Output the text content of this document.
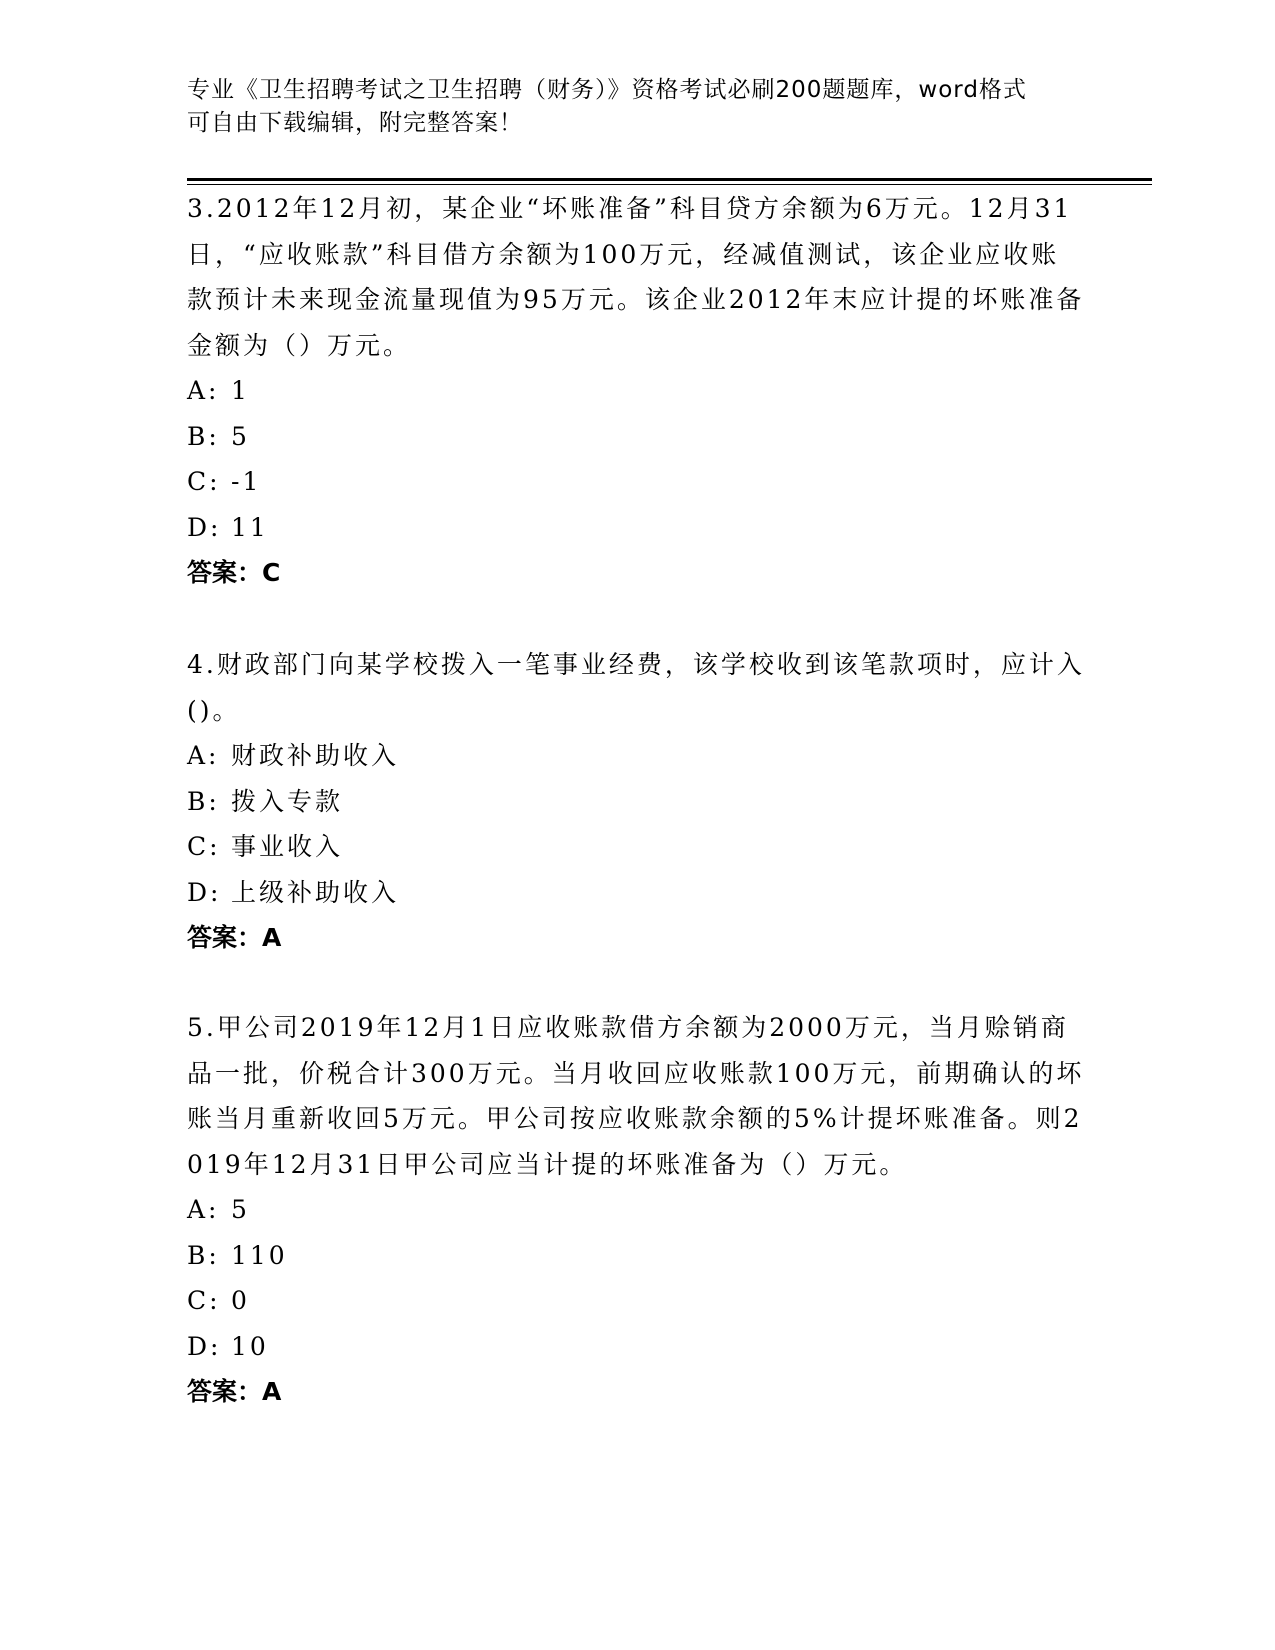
专业《卫生招聘考试之卫生招聘（财务）》资格考试必刷200题题库，word格式
可自由下载编辑，附完整答案！

3.2012年12月初，某企业“坏账准备”科目贷方余额为6万元。12月31日，“应收账款”科目借方余额为100万元，经减值测试，该企业应收账款预计未来现金流量现值为95万元。该企业2012年末应计提的坏账准备金额为（）万元。

A: 1
B: 5
C: -1
D: 11

答案：C

4.财政部门向某学校拨入一笔事业经费，该学校收到该笔款项时，应计入()。

A: 财政补助收入
B: 拨入专款
C: 事业收入
D: 上级补助收入

答案：A

5.甲公司2019年12月1日应收账款借方余额为2000万元，当月赊销商品一批，价税合计300万元。当月收回应收账款100万元，前期确认的坏账当月重新收回5万元。甲公司按应收账款余额的5%计提坏账准备。则2019年12月31日甲公司应当计提的坏账准备为（）万元。

A: 5
B: 110
C: 0
D: 10

答案：A
